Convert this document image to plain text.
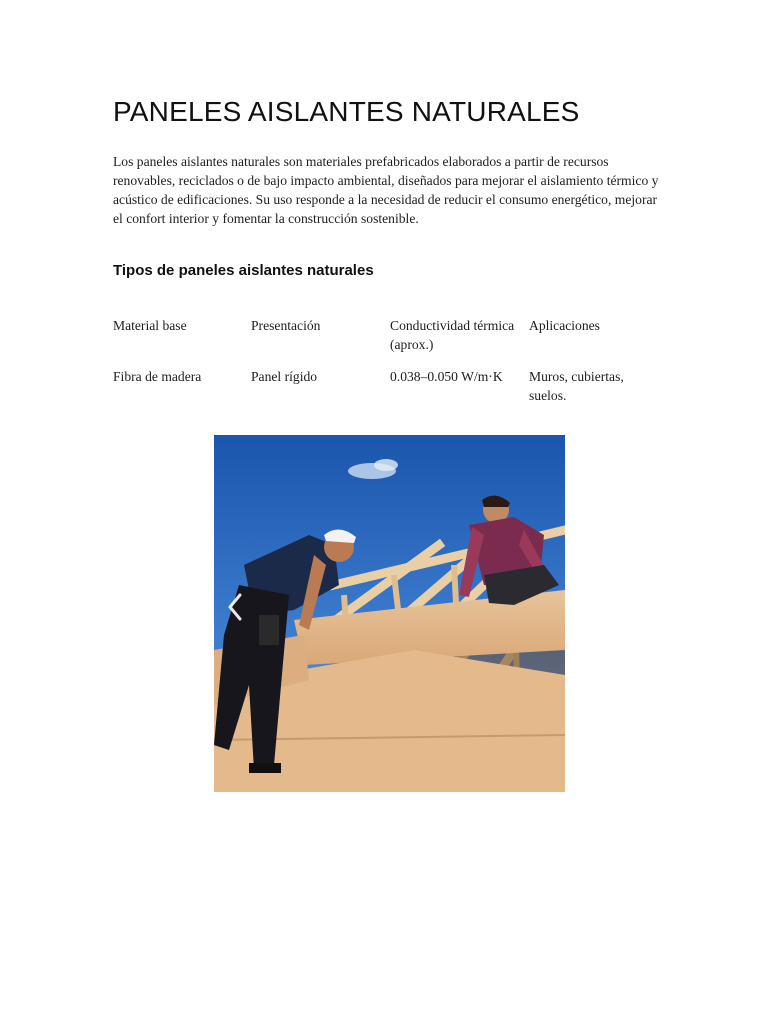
PANELES AISLANTES NATURALES

Los paneles aislantes naturales son materiales prefabricados elaborados a partir de recursos renovables, reciclados o de bajo impacto ambiental, diseñados para mejorar el aislamiento térmico y acústico de edificaciones. Su uso responde a la necesidad de reducir el consumo energético, mejorar el confort interior y fomentar la construcción sostenible.

Tipos de paneles aislantes naturales
Material base	Presentación	Conductividad térmica (aprox.)	Aplicaciones
Fibra de madera	Panel rígido	0.038–0.050 W/m·K	Muros, cubiertas, suelos.
